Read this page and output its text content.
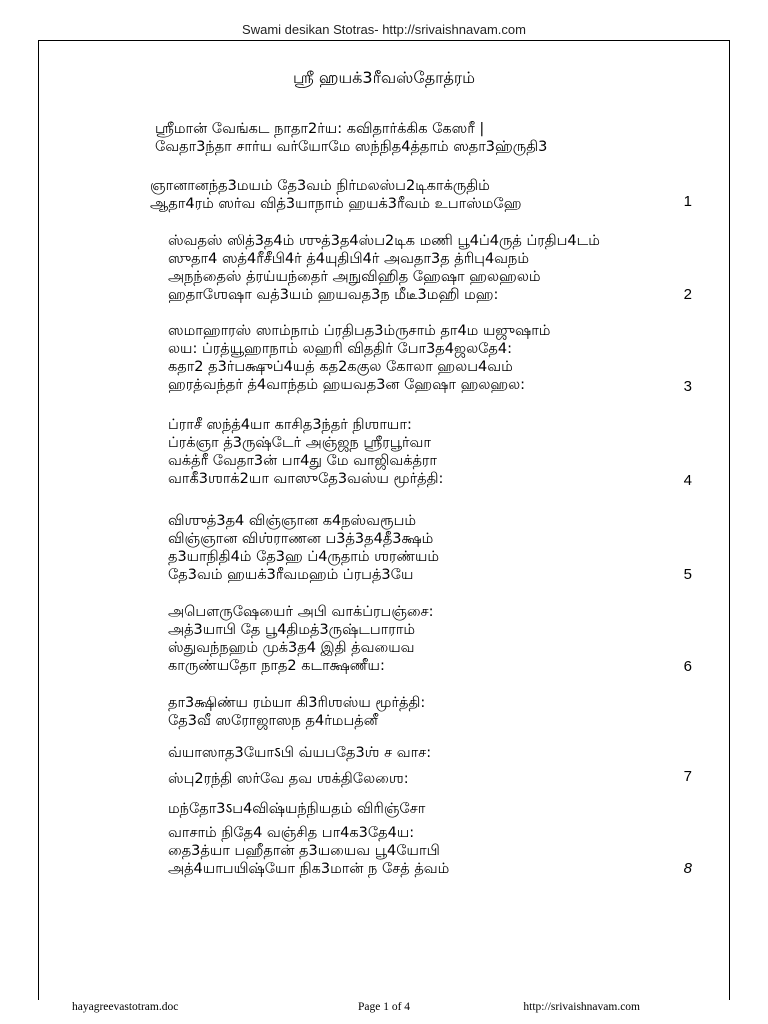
Swami desikan Stotras- http://srivaishnavam.com
ஸ்ரீ ஹயக்3ரீவஸ்தோத்ரம்
ஸ்ரீமான் வேங்கட நாதா2ர்ய: கவிதார்க்கிக கேஸரீ |
வேதா3ந்தா சார்ய வர்யோமே ஸந்நித4த்தாம் ஸதா3ஹ்ருதி3
ஞானானந்த3மயம் தே3வம் நிர்மலஸ்ப2டிகாக்ருதிம்
ஆதா4ரம் ஸர்வ வித்3யாநாம் ஹயக்3ரீவம் உபாஸ்மஹே	1
ஸ்வதஸ் ஸித்3த4ம் ஶுத்3த4ஸ்ப2டிக மணி பூ4ப்4ருத் ப்ரதிப4டம்
ஸுதா4 ஸத்4ரீசீபி4ர் த்4யுதிபி4ர் அவதா3த த்ரிபு4வநம்
அநந்தைஸ் த்ரய்யந்தைர் அநுவிஹித ஹேஷா ஹலஹலம்
ஹதாஶேஷா வத்3யம் ஹயவத3ந மீடீ3மஹி மஹ:	2
ஸமாஹாரஸ் ஸாம்நாம் ப்ரதிபத3ம்ருசாம் தா4ம யஜுஷாம்
லய: ப்ரத்யூஹாநாம் லஹரி விததிர் போ3த4ஜலதே4:
கதா2 த3ர்பக்ஷுப்4யத் கத2ககுல கோலா ஹலப4வம்
ஹரத்வந்தர் த்4வாந்தம் ஹயவத3ன ஹேஷா ஹலஹல:	3
ப்ராசீ ஸந்த்4யா காசித3ந்தர் நிஶாயா:
ப்ரக்ஞா த்3ருஷ்டேர் அஞ்ஜந ஶ்ரீரபூர்வா
வக்த்ரீ வேதா3ன் பா4து மே வாஜிவக்த்ரா
வாகீ3ஶாக்2யா வாஸுதே3வஸ்ய மூர்த்தி:	4
விஶுத்3த4 விஞ்ஞான க4நஸ்வரூபம்
விஞ்ஞான விஶ்ராணன ப3த்3த4தீ3க்ஷம்
த3யாநிதி4ம் தே3ஹ ப்4ருதாம் ஶரண்யம்
தே3வம் ஹயக்3ரீவமஹம் ப்ரபத்3யே	5
அபௌருஷேயைர் அபி வாக்ப்ரபஞ்சை:
அத்3யாபி தே பூ4திமத்3ருஷ்டபாராம்
ஸ்துவந்நஹம் முக்3த4 இதி த்வயைவ
காருண்யதோ நாத2 கடாக்ஷணீய:	6
தா3க்ஷிண்ய ரம்யா கி3ரிஶஸ்ய மூர்த்தி:
தே3வீ ஸரோஜாஸந த4ர்மபத்னீ
வ்யாஸாத3யோऽபி வ்யபதே3ஶ் ச வாச:
ஸ்பு2ரந்தி ஸர்வே தவ ஶக்திலேஶை:	7
மந்தோ3ऽப4விஷ்யந்நியதம் விரிஞ்சோ
வாசாம் நிதே4 வஞ்சித பா4க3தே4ய:
தை3த்யா பஹீதான் த3யயைவ பூ4யோபி
அத்4யாபயிஷ்யோ நிக3மான் ந சேத் த்வம்	8
hayagreevastotram.doc	Page 1 of 4	http://srivaishnavam.com
